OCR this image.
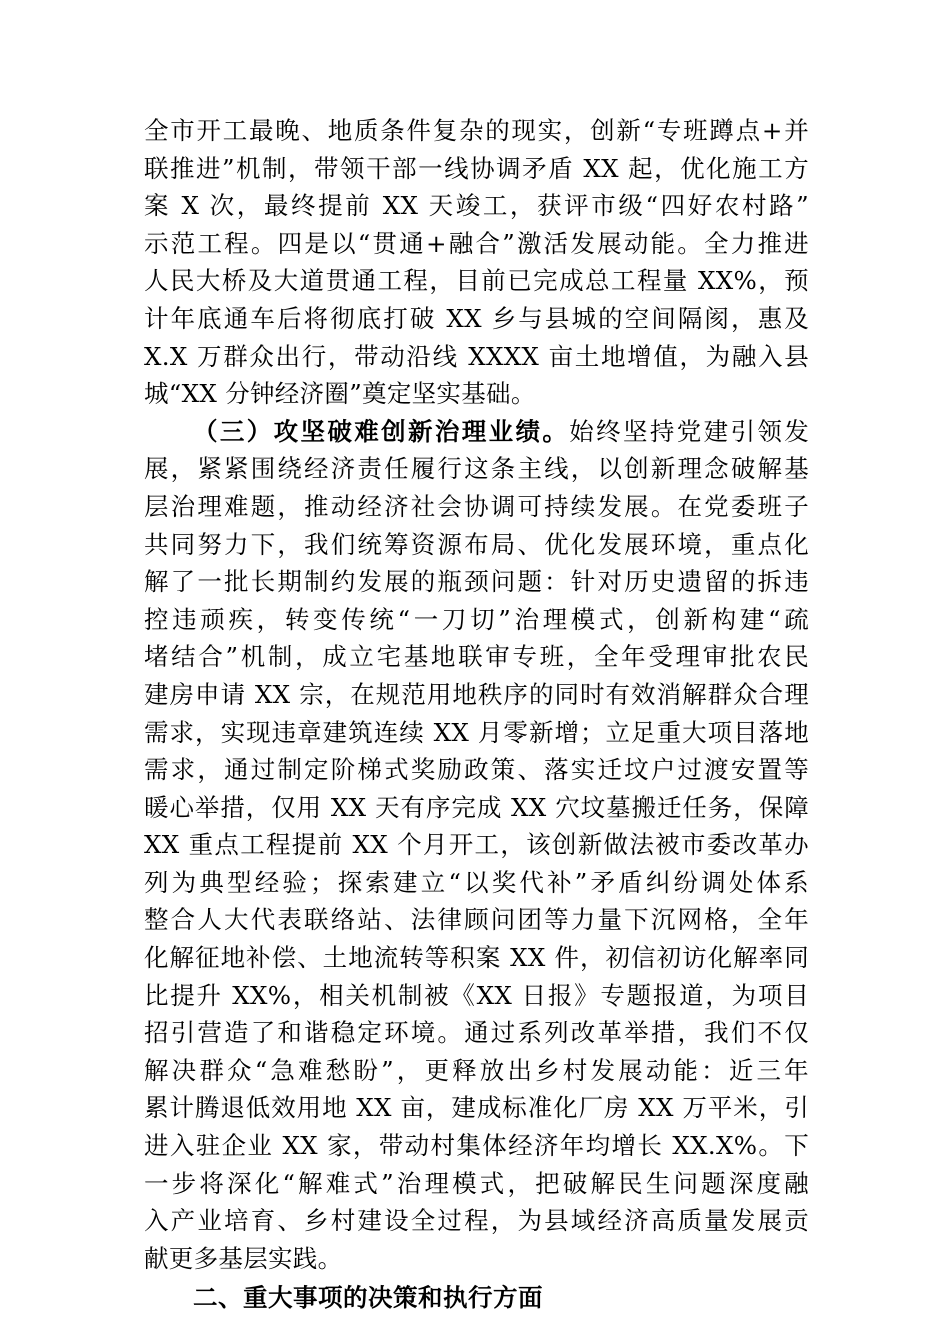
全市开工最晚、地质条件复杂的现实，创新“专班蹲点+并
联推进”机制，带领干部一线协调矛盾 XX 起，优化施工方
案 X 次，最终提前 XX 天竣工，获评市级“四好农村路”
示范工程。四是以“贯通+融合”激活发展动能。全力推进
人民大桥及大道贯通工程，目前已完成总工程量 XX%，预
计年底通车后将彻底打破 XX 乡与县城的空间隔阂，惠及
X.X 万群众出行，带动沿线 XXXX 亩土地增值，为融入县
城“XX 分钟经济圈”奠定坚实基础。
（三）攻坚破难创新治理业绩。始终坚持党建引领发
展，紧紧围绕经济责任履行这条主线，以创新理念破解基
层治理难题，推动经济社会协调可持续发展。在党委班子
共同努力下，我们统筹资源布局、优化发展环境，重点化
解了一批长期制约发展的瓶颈问题：针对历史遗留的拆违
控违顽疾，转变传统“一刀切”治理模式，创新构建“疏
堵结合”机制，成立宅基地联审专班，全年受理审批农民
建房申请 XX 宗，在规范用地秩序的同时有效消解群众合理
需求，实现违章建筑连续 XX 月零新增；立足重大项目落地
需求，通过制定阶梯式奖励政策、落实迁坟户过渡安置等
暖心举措，仅用 XX 天有序完成 XX 穴坟墓搬迁任务，保障
XX 重点工程提前 XX 个月开工，该创新做法被市委改革办
列为典型经验；探索建立“以奖代补”矛盾纠纷调处体系
整合人大代表联络站、法律顾问团等力量下沉网格，全年
化解征地补偿、土地流转等积案 XX 件，初信初访化解率同
比提升 XX%，相关机制被《XX 日报》专题报道，为项目
招引营造了和谐稳定环境。通过系列改革举措，我们不仅
解决群众“急难愁盼”，更释放出乡村发展动能：近三年
累计腾退低效用地 XX 亩，建成标准化厂房 XX 万平米，引
进入驻企业 XX 家，带动村集体经济年均增长 XX.X%。下
一步将深化“解难式”治理模式，把破解民生问题深度融
入产业培育、乡村建设全过程，为县域经济高质量发展贡
献更多基层实践。
二、重大事项的决策和执行方面
